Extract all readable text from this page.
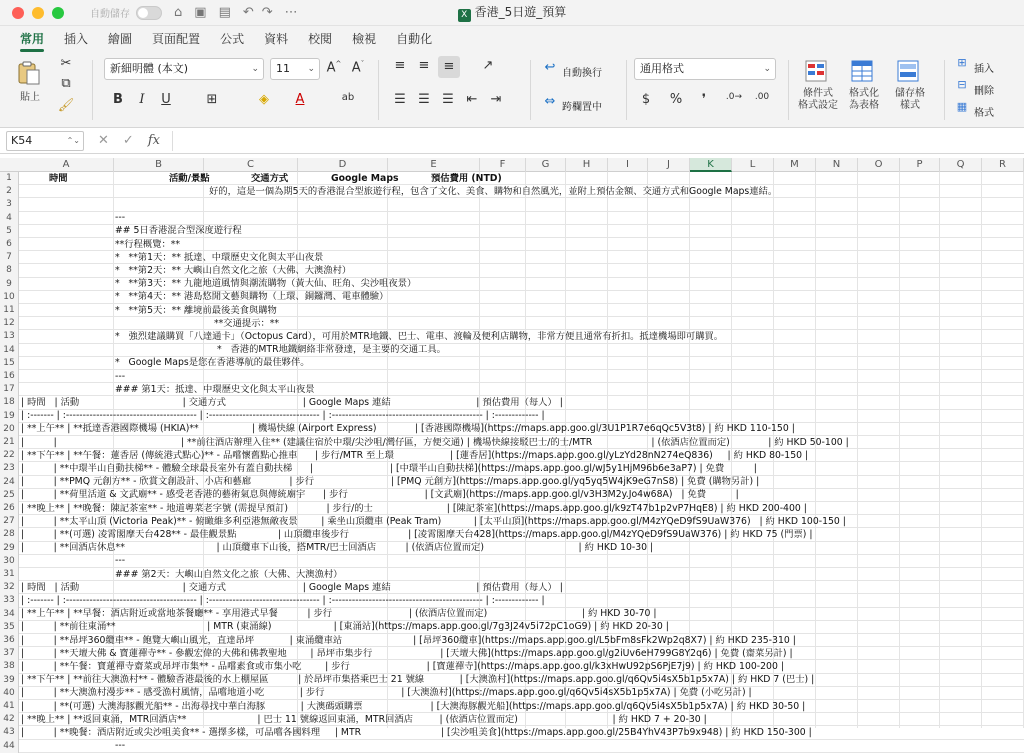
自動儲存	⌂ ▣ ▤ ↶ ↷ ⋯	X 香港_5日遊_預算
常用	插入	繪圖	頁面配置	公式	資料	校閱	檢視	自動化
貼上
✂
⧉
🖌
新細明體 (本文)	⌄	11 ⌄ A^ $A^ˇ$
B	I	U	⊞	◈	A	ab
≡	≡	≡	↗
☰ ☰ ☰ ⇤	⇥
↩ 自動換行
⇔ 跨欄置中
通用格式	⌄
$	%	❜	.0→	.00	條件式
格式設定
格式化
為表格
儲存格
樣式
⊞
插入
⊟
刪除
▦
格式
K54	⌃⌄ ✕ ✓ fx
A	B	C	D	E	F	G	H	I	J	K	L	M	N	O	P	Q	R
時間	活動/景點	交通方式	Google Maps	預估費用 (NTD)
好的，這是一個為期5天的香港混合型旅遊行程，包含了文化、美食、購物和自然風光，並附上預估金額、交通方式和Google Maps連結。
---
## 5日香港混合型深度遊行程
**行程概覽：**
*   **第1天：** 抵達、中環歷史文化與太平山夜景
*   **第2天：** 大嶼山自然文化之旅（大佛、大澳漁村）
*   **第3天：** 九龍地道風情與潮流購物（黃大仙、旺角、尖沙咀夜景）
*   **第4天：** 港島悠閒文藝與購物（上環、銅鑼灣、電車體驗）
*   **第5天：** 離境前最後美食與購物
**交通提示：**
*   強烈建議購買「八達通卡」（Octopus Card），可用於MTR地鐵、巴士、電車、渡輪及便利店購物，非常方便且通常有折扣。抵達機場即可購買。
*   香港的MTR地鐵網絡非常發達，是主要的交通工具。
*   Google Maps是您在香港導航的最佳夥伴。
---
### 第1天：抵達、中環歷史文化與太平山夜景
| 時間   | 活動                                   | 交通方式                          | Google Maps 連結                             | 預估費用（每人） |
| :------- | :--------------------------------------- | :--------------------------------- | :--------------------------------------------- | :------------- |
| **上午** | **抵達香港國際機場 (HKIA)**                  | 機場快線 (Airport Express)             | [香港國際機場](https://maps.app.goo.gl/3U1P1R7e6qQc5V3t8) | 約 HKD 110-150 |
|          |                                          | **前往酒店辦理入住** (建議住宿於中環/尖沙咀/灣仔區，方便交通) | 機場快線接駁巴士/的士/MTR                    | (依酒店位置而定)             | 約 HKD 50-100 |
| **下午** | **午餐：蓮香居 (傳統港式點心)** - 品嚐懷舊點心推車      | 步行/MTR 至上環                   | [蓮香居](https://maps.app.goo.gl/yLzYd28nN274eQ836)     | 約 HKD 80-150 |
|          | **中環半山自動扶梯** - 體驗全球最長室外有蓋自動扶梯      |                          | [中環半山自動扶梯](https://maps.app.goo.gl/wJ5y1HjM96b6e3aP7) | 免費          |
|          | **PMQ 元創方** - 欣賞文創設計、小店和藝廊             | 步行                          | [PMQ 元創方](https://maps.app.goo.gl/yq5yq5W4jK9eG7nS8) | 免費 (購物另計) |
|          | **荷里活道 & 文武廟** - 感受老香港的藝術氣息與傳統廟宇      | 步行                          | [文武廟](https://maps.app.goo.gl/v3H3M2y.Jo4w68A)   | 免費          |
| **晚上** | **晚餐：陳記茶室** - 地道粵菜老字號 (需提早預訂)             | 步行/的士                         | [陳記茶室](https://maps.app.goo.gl/k9zT47b1p2vP7HqE8) | 約 HKD 200-400 |
|          | **太平山頂 (Victoria Peak)** - 俯瞰維多利亞港無敵夜景        | 乘坐山頂纜車 (Peak Tram)           | [太平山頂](https://maps.app.goo.gl/M4zYQeD9fS9UaW376)   | 約 HKD 100-150 |
|          | **(可選) 凌霄閣摩天台428** - 最佳觀景點              | 山頂纜車後步行                    | [凌霄閣摩天台428](https://maps.app.goo.gl/M4zYQeD9fS9UaW376) | 約 HKD 75 (門票) |
|          | **回酒店休息**                               | 山頂纜車下山後，搭MTR/巴士回酒店          | (依酒店位置而定)                                | 約 HKD 10-30 |
---
### 第2天：大嶼山自然文化之旅（大佛、大澳漁村）
| 時間   | 活動                                   | 交通方式                          | Google Maps 連結                             | 預估費用（每人） |
| :------- | :--------------------------------------- | :--------------------------------- | :--------------------------------------------- | :------------- |
| **上午** | **早餐：酒店附近或當地茶餐廳** - 享用港式早餐          | 步行                          | (依酒店位置而定)                                | 約 HKD 30-70 |
|          | **前往東涌**                               | MTR (東涌線)                     | [東涌站](https://maps.app.goo.gl/7g3J24v5i72pC1oG9) | 約 HKD 20-30 |
|          | **昂坪360纜車** - 飽覽大嶼山風光，直達昂坪            | 東涌纜車站                        | [昂坪360纜車](https://maps.app.goo.gl/L5bFm8sFk2Wp2q8X7) | 約 HKD 235-310 |
|          | **天壇大佛 & 寶蓮禪寺** - 參觀宏偉的大佛和佛教聖地        | 昂坪市集步行                       | [天壇大佛](https://maps.app.goo.gl/g2iUv6eH799G8Y2q6) | 免費 (齋菜另計) |
|          | **午餐：寶蓮禪寺齋菜或昂坪市集** - 品嚐素食或市集小吃        | 步行                          | [寶蓮禪寺](https://maps.app.goo.gl/k3xHwU92pS6PjE7j9) | 約 HKD 100-200 |
| **下午** | **前往大澳漁村** - 體驗香港最後的水上棚屋區          | 於昂坪市集搭乘巴士 21 號線            | [大澳漁村](https://maps.app.goo.gl/q6Qv5i4sX5b1p5x7A) | 約 HKD 7 (巴士) |
|          | **大澳漁村漫步** - 感受漁村風情，品嚐地道小吃            | 步行                          | [大澳漁村](https://maps.app.goo.gl/q6Qv5i4sX5b1p5x7A) | 免費 (小吃另計) |
|          | **(可選) 大澳海豚觀光船** - 出海尋找中華白海豚            | 大澳碼頭購票                       | [大澳海豚觀光船](https://maps.app.goo.gl/q6Qv5i4sX5b1p5x7A) | 約 HKD 30-50 |
| **晚上** | **返回東涌，MTR回酒店**                        | 巴士 11 號線返回東涌，MTR回酒店         | (依酒店位置而定)                                | 約 HKD 7 + 20-30 |
|          | **晚餐：酒店附近或尖沙咀美食** - 選擇多樣，可品嚐各國料理     | MTR                           | [尖沙咀美食](https://maps.app.goo.gl/25B4YhV43P7b9x948) | 約 HKD 150-300 |
---
1
2
3
4
5
6
7
8
9
10
11
12
13
14
15
16
17
18
19
20
21
22
23
24
25
26
27
28
29
30
31
32
33
34
35
36
37
38
39
40
41
42
43
44
